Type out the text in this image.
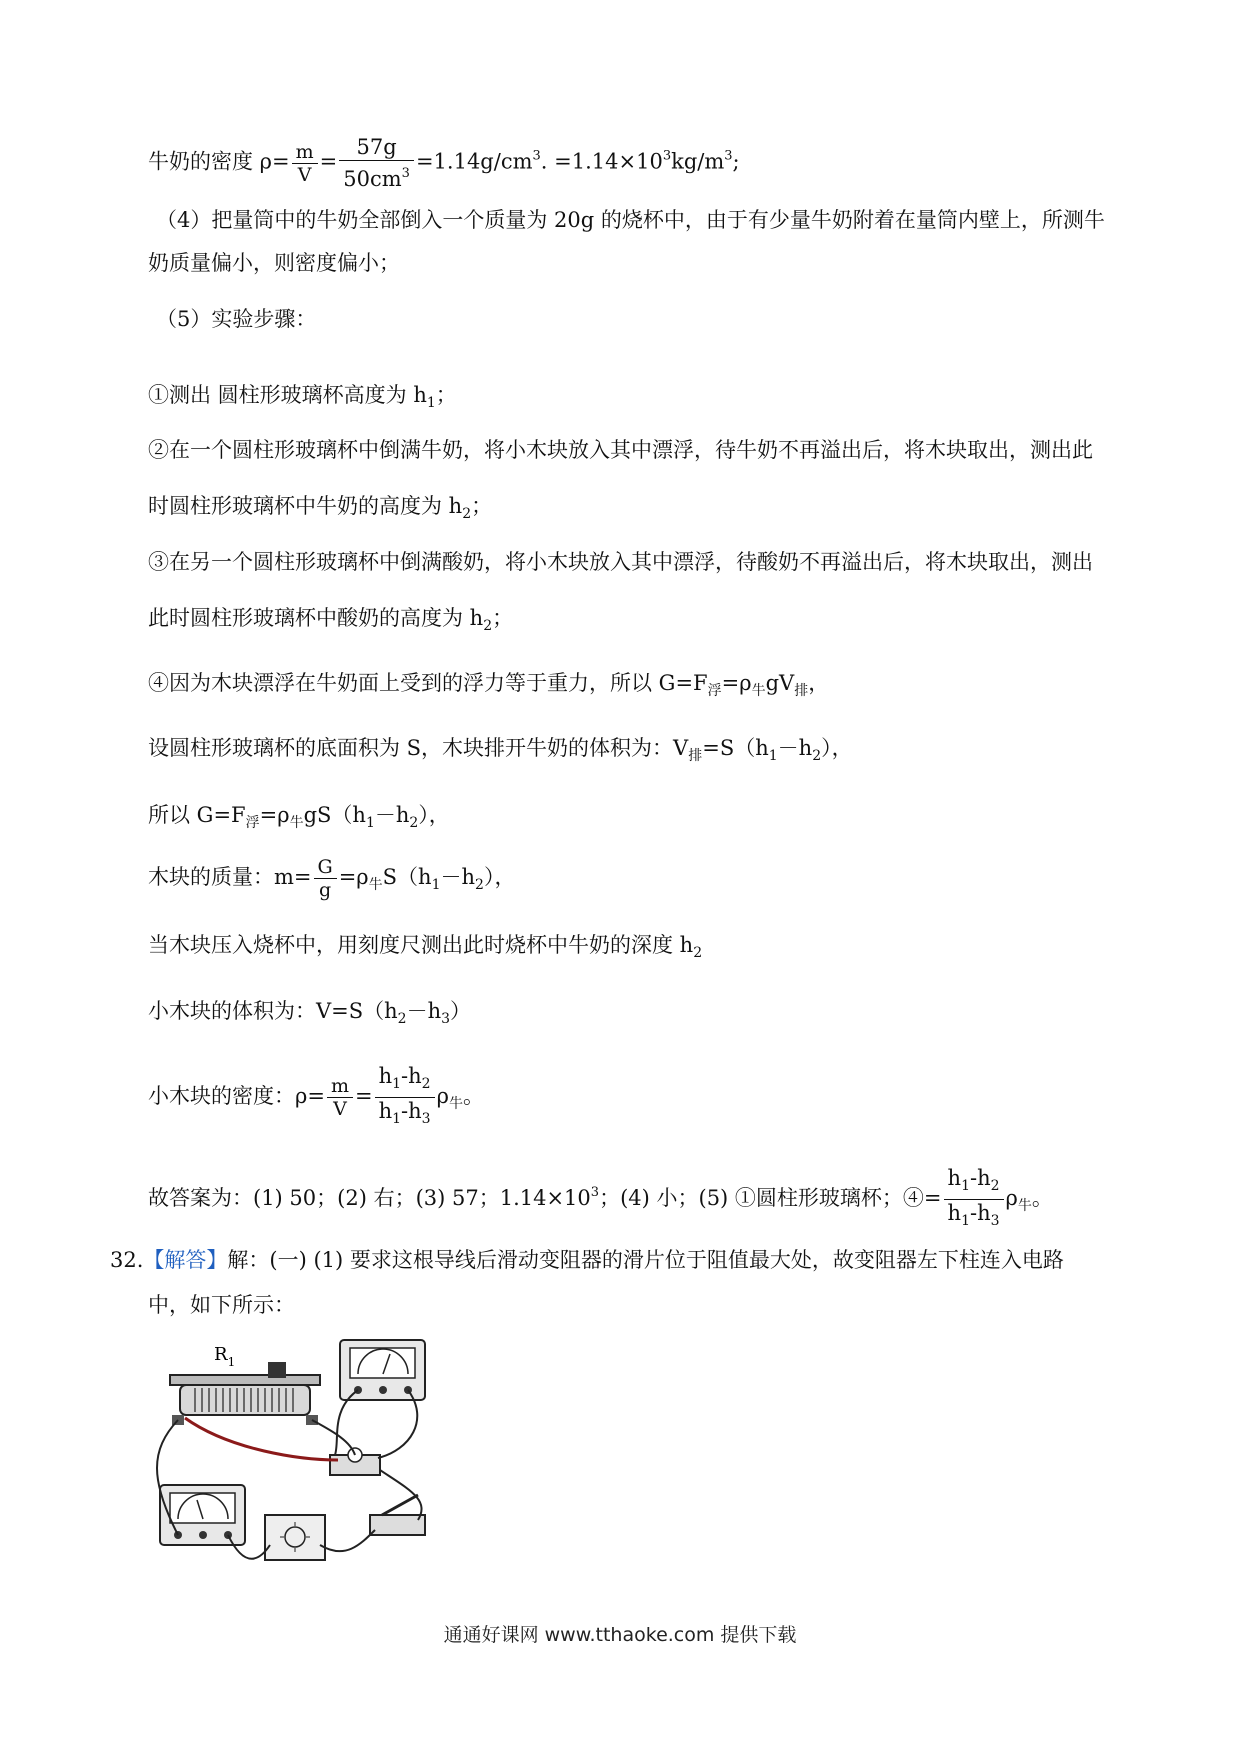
牛奶的密度 $\rho= \frac{m}{V} = \frac{57g}{50cm^3} =1.14g/cm^3$. $=1.14\times 10^3kg/m^3$;
（4）把量筒中的牛奶全部倒入一个质量为 20g 的烧杯中，由于有少量牛奶附着在量筒内壁上，所测牛
奶质量偏小，则密度偏小；
（5）实验步骤：
①测出 圆柱形玻璃杯高度为 $h_1$；
②在一个圆柱形玻璃杯中倒满牛奶，将小木块放入其中漂浮，待牛奶不再溢出后，将木块取出，测出此
时圆柱形玻璃杯中牛奶的高度为 $h_2$；
③在另一个圆柱形玻璃杯中倒满酸奶，将小木块放入其中漂浮，待酸奶不再溢出后，将木块取出，测出
此时圆柱形玻璃杯中酸奶的高度为 $h_2$；
④因为木块漂浮在牛奶面上受到的浮力等于重力，所以 $G=F_浮=\rho_牛gV_排$，
设圆柱形玻璃杯的底面积为 S，木块排开牛奶的体积为：$V_排=S(h_1-h_2)$，
所以 $G=F_浮=\rho_牛gS(h_1-h_2)$，
木块的质量：$m= \frac{G}{g} =\rho_牛S(h_1-h_2)$，
当木块压入烧杯中，用刻度尺测出此时烧杯中牛奶的深度 $h_2$
小木块的体积为：$V=S(h_2-h_3)$
小木块的密度：$\rho= \frac{m}{V} = \frac{h_1-h_2}{h_1-h_3} \rho_牛$。
故答案为：(1) 50；(2) 右；(3) 57；$1.14\times 10^3$；(4) 小；(5) ①圆柱形玻璃杯；④= $\frac{h_1-h_2}{h_1-h_3} \rho_牛$。
32.【解答】解：(一) (1) 要求这根导线后滑动变阻器的滑片位于阻值最大处，故变阻器左下柱连入电路
中，如下所示：
$R_1$
通通好课网 www.tthaoke.com 提供下载
